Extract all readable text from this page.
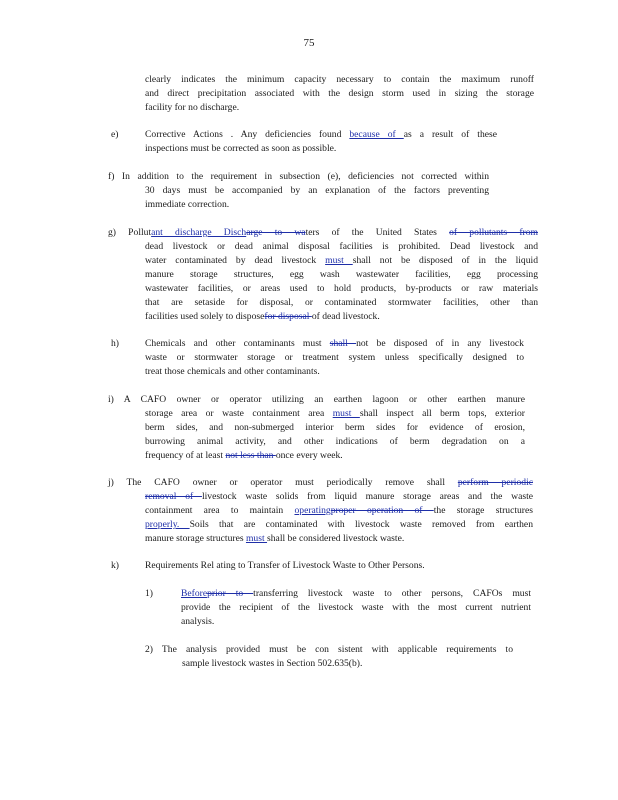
75
clearly indicates the minimum capacity necessary to contain the maximum runoff
and direct precipitation associated with the design storm used in sizing the storage
facility for no discharge.
e)	Corrective Actions . Any deficiencies found because of as a result of these
inspections must be corrected as soon as possible.
f) In addition to the requirement in subsection (e), deficiencies not corrected within
30 days must be accompanied by an explanation of the factors preventing
immediate correction.
g) Pollutant discharge Discharge to waters of the United States of pollutants from
dead livestock or dead animal disposal facilities is prohibited. Dead livestock and
water contaminated by dead livestock must shall not be disposed of in the liquid
manure storage structures, egg wash wastewater facilities, egg processing
wastewater facilities, or areas used to hold products, by-products or raw materials
that are setaside for disposal, or contaminated stormwater facilities, other than
facilities used solely to disposefor disposal of dead livestock.
h)	Chemicals and other contaminants must shall not be disposed of in any livestock
waste or stormwater storage or treatment system unless specifically designed to
treat those chemicals and other contaminants.
i) A CAFO owner or operator utilizing an earthen lagoon or other earthen manure
storage area or waste containment area must shall inspect all berm tops, exterior
berm sides, and non-submerged interior berm sides for evidence of erosion,
burrowing animal activity, and other indications of berm degradation on a
frequency of at least not less than once every week.
j) The CAFO owner or operator must periodically remove shall perform periodic
removal of livestock waste solids from liquid manure storage areas and the waste
containment area to maintain operatingproper operation of the storage structures
properly. Soils that are contaminated with livestock waste removed from earthen
manure storage structures must shall be considered livestock waste.
k)	Requirements Rel ating to Transfer of Livestock Waste to Other Persons.
1)	Beforeprior to transferring livestock waste to other persons, CAFOs must
provide the recipient of the livestock waste with the most current nutrient
analysis.
2) The analysis provided must be con sistent with applicable requirements to
sample livestock wastes in Section 502.635(b).
